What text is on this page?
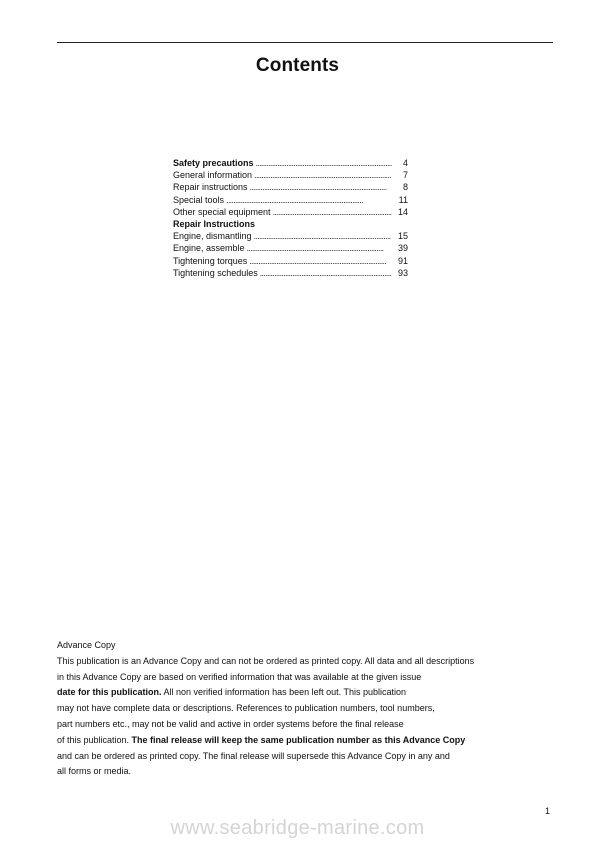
Contents
Safety precautions . . .	4
General information . . .	7
Repair instructions . . .	8
Special tools . . .	11
Other special equipment . . .	14
Repair Instructions
Engine, dismantling . . .	15
Engine, assemble . . .	39
Tightening torques . . .	91
Tightening schedules . . .	93
Advance Copy
This publication is an Advance Copy and can not be ordered as printed copy. All data and all descriptions
in this Advance Copy are based on verified information that was available at the given issue
date for this publication. All non verified information has been left out. This publication
may not have complete data or descriptions. References to publication numbers, tool numbers,
part numbers etc., may not be valid and active in order systems before the final release
of this publication. The final release will keep the same publication number as this Advance Copy
and can be ordered as printed copy. The final release will supersede this Advance Copy in any and
all forms or media.
1
www.seabridge-marine.com
